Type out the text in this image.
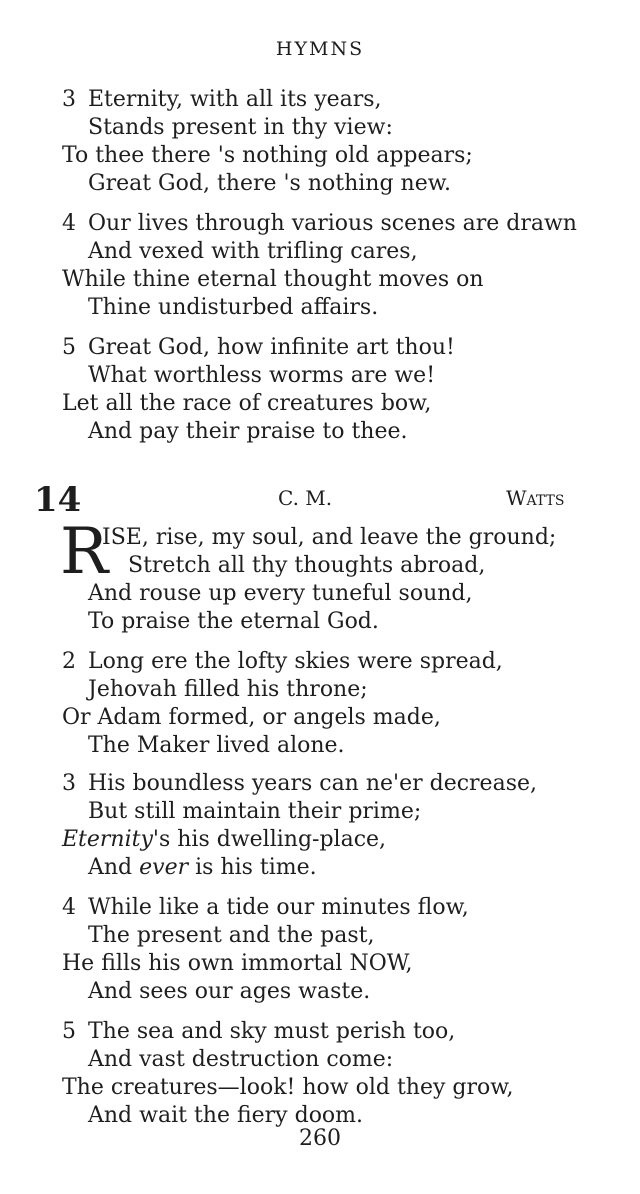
HYMNS
3 Eternity, with all its years,
Stands present in thy view:
To thee there 's nothing old appears;
Great God, there 's nothing new.
4 Our lives through various scenes are drawn
And vexed with trifling cares,
While thine eternal thought moves on
Thine undisturbed affairs.
5 Great God, how infinite art thou!
What worthless worms are we!
Let all the race of creatures bow,
And pay their praise to thee.
14	C. M.	Watts
R
ISE, rise, my soul, and leave the ground;
Stretch all thy thoughts abroad,
And rouse up every tuneful sound,
To praise the eternal God.
2 Long ere the lofty skies were spread,
Jehovah filled his throne;
Or Adam formed, or angels made,
The Maker lived alone.
3 His boundless years can ne'er decrease,
But still maintain their prime;
Eternity's his dwelling-place,
And ever is his time.
4 While like a tide our minutes flow,
The present and the past,
He fills his own immortal NOW,
And sees our ages waste.
5 The sea and sky must perish too,
And vast destruction come:
The creatures—look! how old they grow,
And wait the fiery doom.
260
